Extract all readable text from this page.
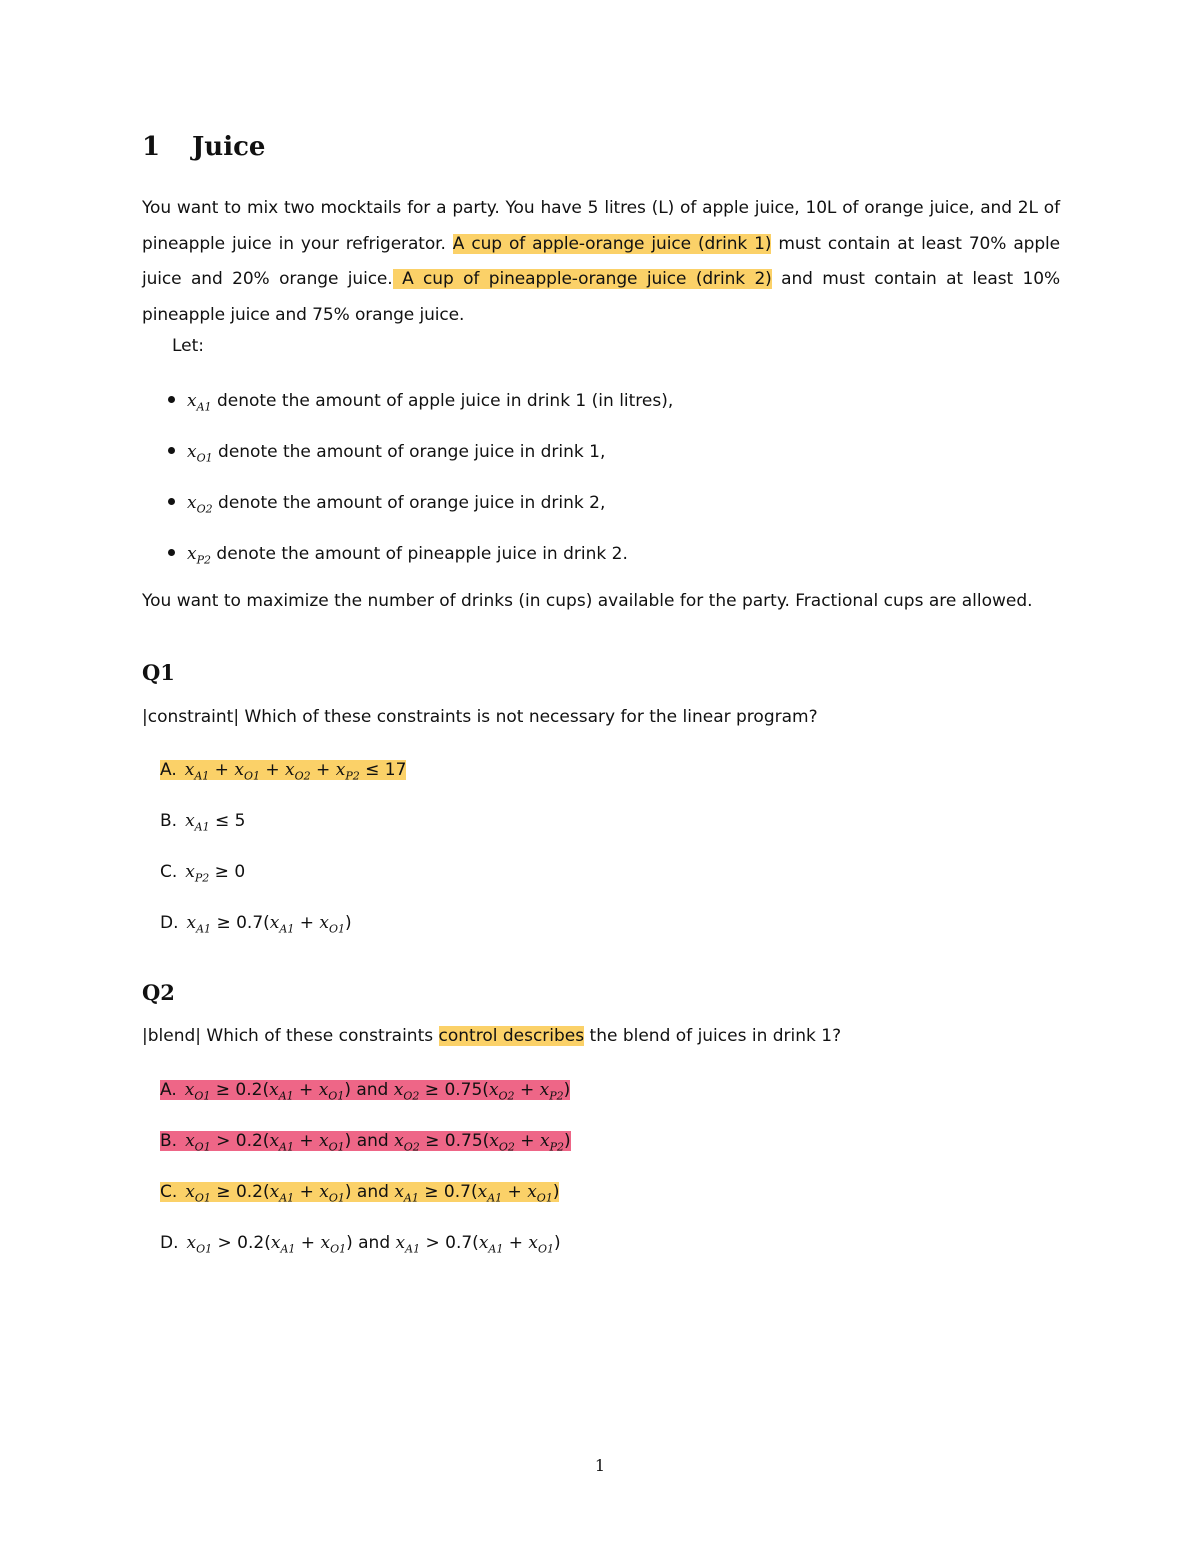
1 Juice

You want to mix two mocktails for a party. You have 5 litres (L) of apple juice, 10L of orange juice, and 2L of pineapple juice in your refrigerator. A cup of apple-orange juice (drink 1) must contain at least 70% apple juice and 20% orange juice. A cup of pineapple-orange juice (drink 2) and must contain at least 10% pineapple juice and 75% orange juice.

Let:

$x_{A1}$ denote the amount of apple juice in drink 1 (in litres),
$x_{O1}$ denote the amount of orange juice in drink 1,
$x_{O2}$ denote the amount of orange juice in drink 2,
$x_{P2}$ denote the amount of pineapple juice in drink 2.

You want to maximize the number of drinks (in cups) available for the party. Fractional cups are allowed.

Q1

|constraint| Which of these constraints is not necessary for the linear program?

A. $x_{A1} + x_{O1} + x_{O2} + x_{P2} \le 17$
B. $x_{A1} \le 5$
C. $x_{P2} \ge 0$
D. $x_{A1} \ge 0.7(x_{A1} + x_{O1})$
Q2

|blend| Which of these constraints control describes the blend of juices in drink 1?

A. $x_{O1} \ge 0.2(x_{A1} + x_{O1})$ and $x_{O2} \ge 0.75(x_{O2} + x_{P2})$
B. $x_{O1} > 0.2(x_{A1} + x_{O1})$ and $x_{O2} \ge 0.75(x_{O2} + x_{P2})$
C. $x_{O1} \ge 0.2(x_{A1} + x_{O1})$ and $x_{A1} \ge 0.7(x_{A1} + x_{O1})$
D. $x_{O1} > 0.2(x_{A1} + x_{O1})$ and $x_{A1} > 0.7(x_{A1} + x_{O1})$

1
